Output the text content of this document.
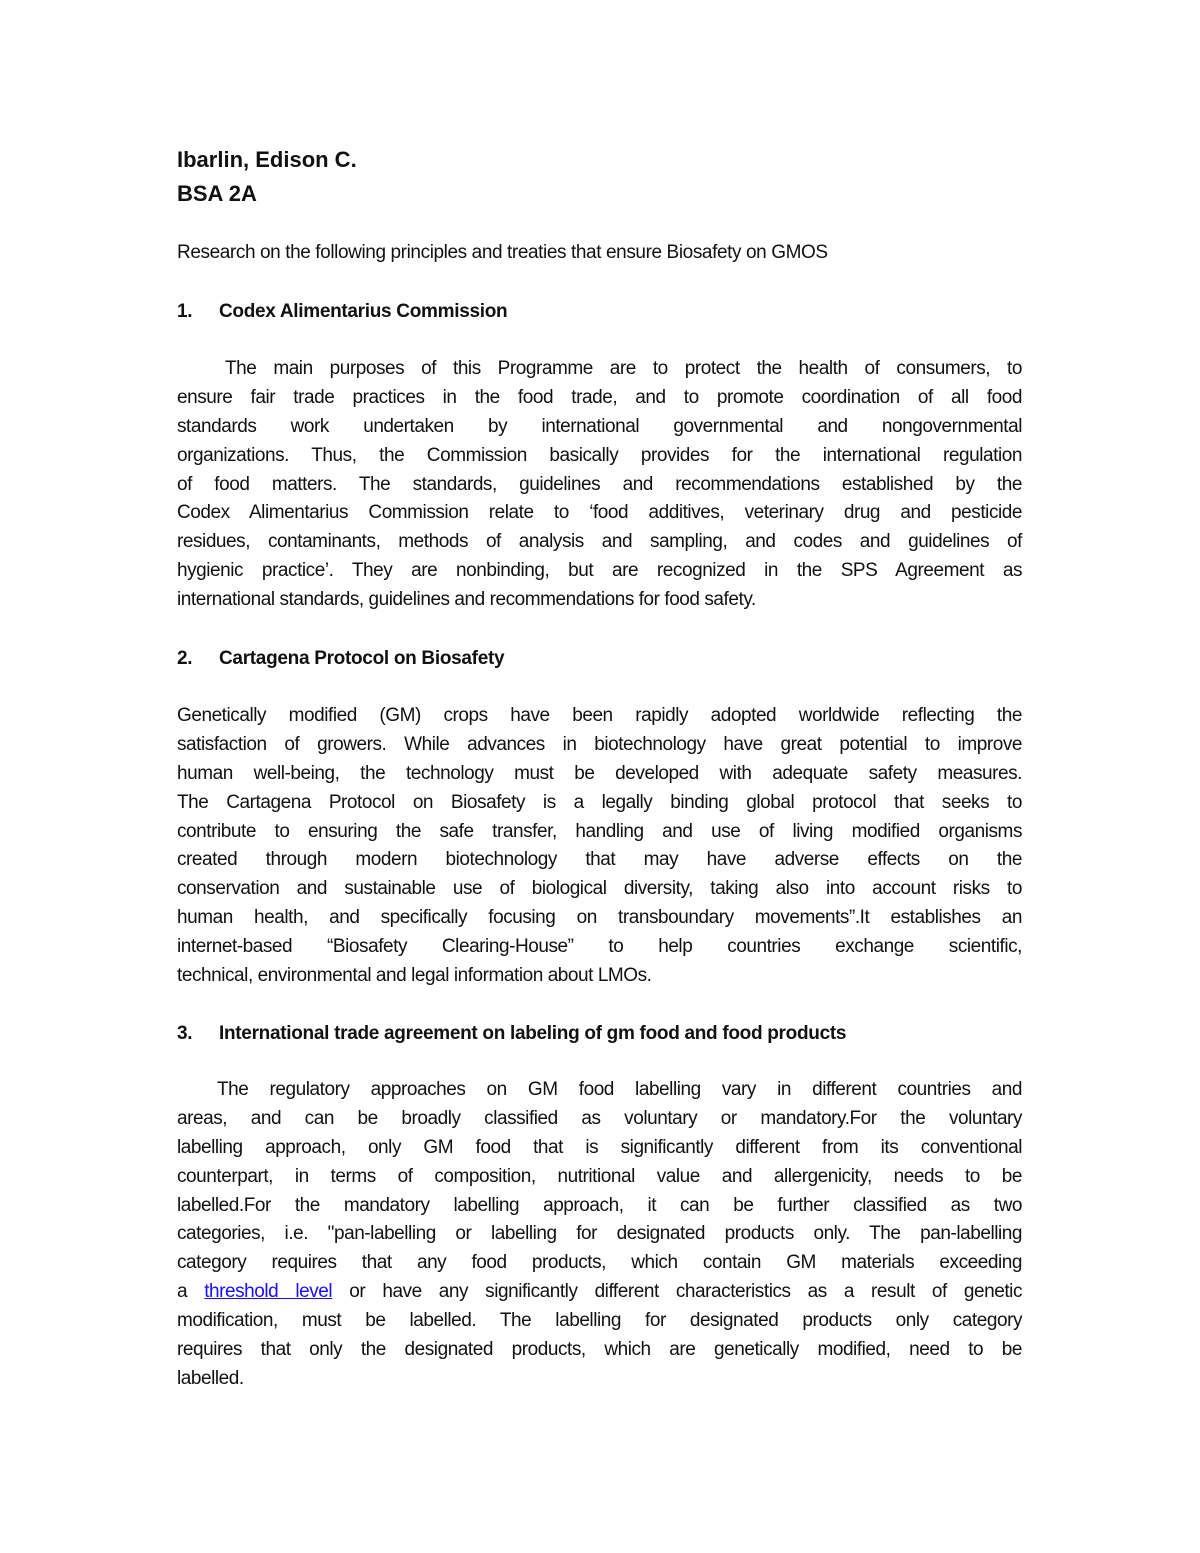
Ibarlin, Edison C.
BSA 2A
Research on the following principles and treaties that ensure Biosafety on GMOS
1.	Codex Alimentarius Commission
The main purposes of this Programme are to protect the health of consumers, to
ensure fair trade practices in the food trade, and to promote coordination of all food
standards work undertaken by international governmental and nongovernmental
organizations. Thus, the Commission basically provides for the international regulation
of food matters. The standards, guidelines and recommendations established by the
Codex Alimentarius Commission relate to ‘food additives, veterinary drug and pesticide
residues, contaminants, methods of analysis and sampling, and codes and guidelines of
hygienic practice’. They are nonbinding, but are recognized in the SPS Agreement as
international standards, guidelines and recommendations for food safety.
2.	Cartagena Protocol on Biosafety
Genetically modified (GM) crops have been rapidly adopted worldwide reflecting the
satisfaction of growers. While advances in biotechnology have great potential to improve
human well-being, the technology must be developed with adequate safety measures.
The Cartagena Protocol on Biosafety is a legally binding global protocol that seeks to
contribute to ensuring the safe transfer, handling and use of living modified organisms
created through modern biotechnology that may have adverse effects on the
conservation and sustainable use of biological diversity, taking also into account risks to
human health, and specifically focusing on transboundary movements”.It establishes an
internet-based “Biosafety Clearing-House” to help countries exchange scientific,
technical, environmental and legal information about LMOs.
3.	International trade agreement on labeling of gm food and food products
The regulatory approaches on GM food labelling vary in different countries and
areas, and can be broadly classified as voluntary or mandatory.For the voluntary
labelling approach, only GM food that is significantly different from its conventional
counterpart, in terms of composition, nutritional value and allergenicity, needs to be
labelled.For the mandatory labelling approach, it can be further classified as two
categories, i.e. "pan-labelling or labelling for designated products only. The pan-labelling
category requires that any food products, which contain GM materials exceeding
a threshold level or have any significantly different characteristics as a result of genetic
modification, must be labelled. The labelling for designated products only category
requires that only the designated products, which are genetically modified, need to be
labelled.
